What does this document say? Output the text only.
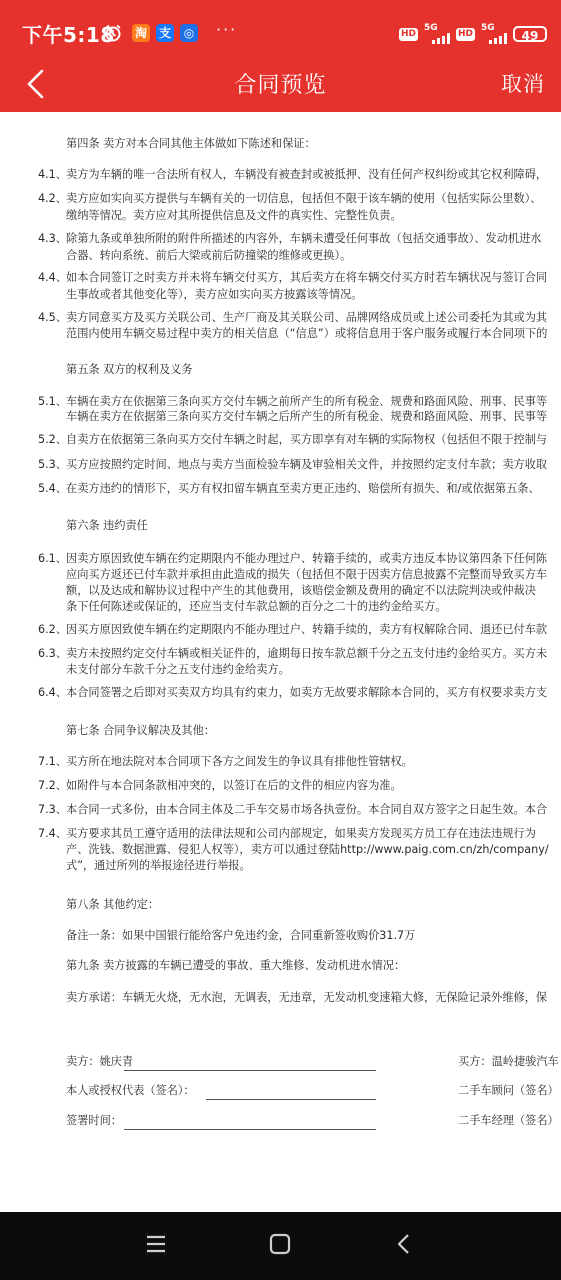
下午5:18 淘 支	◎ ···	HD
5G
HD
5G
49
合同预览	取消
第四条 卖方对本合同其他主体做如下陈述和保证：
4.1、 卖方为车辆的唯一合法所有权人，车辆没有被查封或被抵押、没有任何产权纠纷或其它权利障碍，
4.2、 卖方应如实向买方提供与车辆有关的一切信息，包括但不限于该车辆的使用（包括实际公里数）、
缴纳等情况。卖方应对其所提供信息及文件的真实性、完整性负责。
4.3、 除第九条或单独所附的附件所描述的内容外，车辆未遭受任何事故（包括交通事故）、发动机进水
合器、转向系统、前后大梁或前后防撞梁的维修或更换）。
4.4、 如本合同签订之时卖方并未将车辆交付买方，其后卖方在将车辆交付买方时若车辆状况与签订合同
生事故或者其他变化等），卖方应如实向买方披露该等情况。
4.5、 卖方同意买方及买方关联公司、生产厂商及其关联公司、品牌网络成员或上述公司委托为其或为其
范围内使用车辆交易过程中卖方的相关信息（“信息”）或将信息用于客户服务或履行本合同项下的
第五条 双方的权利及义务
5.1、 车辆在卖方在依据第三条向买方交付车辆之前所产生的所有税金、规费和路面风险、刑事、民事等
车辆在卖方在依据第三条向买方交付车辆之后所产生的所有税金、规费和路面风险、刑事、民事等
5.2、 自卖方在依据第三条向买方交付车辆之时起，买方即享有对车辆的实际物权（包括但不限于控制与
5.3、 买方应按照约定时间、地点与卖方当面检验车辆及审验相关文件，并按照约定支付车款；卖方收取
5.4、 在卖方违约的情形下，买方有权扣留车辆直至卖方更正违约、赔偿所有损失、和/或依据第五条、
第六条 违约责任
6.1、 因卖方原因致使车辆在约定期限内不能办理过户、转籍手续的，或卖方违反本协议第四条下任何陈
应向买方返还已付车款并承担由此造成的损失（包括但不限于因卖方信息披露不完整而导致买方车
额，以及达成和解协议过程中产生的其他费用，该赔偿金额及费用的确定不以法院判决或仲裁决
条下任何陈述或保证的，还应当支付车款总额的百分之二十的违约金给买方。
6.2、 因买方原因致使车辆在约定期限内不能办理过户、转籍手续的，卖方有权解除合同、退还已付车款
6.3、 卖方未按照约定交付车辆或相关证件的，逾期每日按车款总额千分之五支付违约金给买方。买方未
未支付部分车款千分之五支付违约金给卖方。
6.4、 本合同签署之后即对买卖双方均具有约束力，如卖方无故要求解除本合同的，买方有权要求卖方支
第七条 合同争议解决及其他：
7.1、 买方所在地法院对本合同项下各方之间发生的争议具有排他性管辖权。
7.2、 如附件与本合同条款相冲突的，以签订在后的文件的相应内容为准。
7.3、 本合同一式多份，由本合同主体及二手车交易市场各执壹份。本合同自双方签字之日起生效。本合
7.4、 买方要求其员工遵守适用的法律法规和公司内部规定，如果卖方发现买方员工存在违法违规行为
产、洗钱、数据泄露、侵犯人权等），卖方可以通过登陆http://www.paig.com.cn/zh/company/
式”，通过所列的举报途径进行举报。
第八条 其他约定：
备注一条：如果中国银行能给客户免违约金，合同重新签收购价31.7万
第九条 卖方披露的车辆已遭受的事故、重大维修、发动机进水情况：
卖方承诺：车辆无火烧，无水泡，无调表，无违章，无发动机变速箱大修，无保险记录外维修，保
卖方：姚庆青	买方：温岭捷骏汽车
本人或授权代表（签名）：	二手车顾问（签名）
签署时间：	二手车经理（签名）
